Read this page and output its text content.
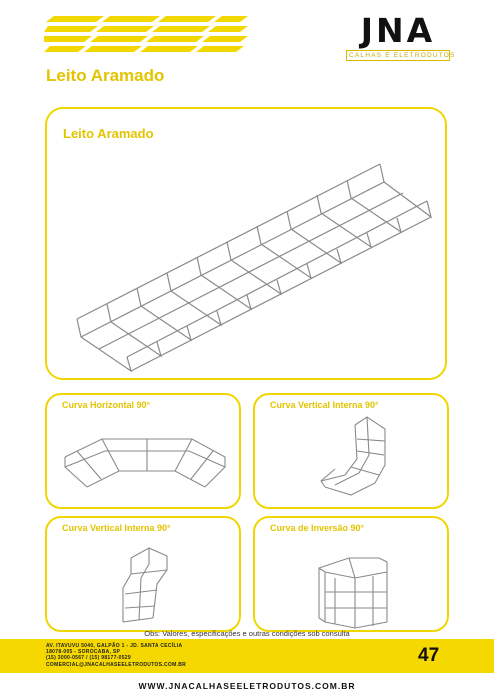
JNA
CALHAS E ELETRODUTOS
Leito Aramado
Leito Aramado
Curva Horizontal 90°	Curva Vertical Interna 90°
Curva Vertical Interna 90°	Curva de Inversão 90°
Obs: Valores, especificações e outras condições sob consulta
AV. ITAVUVU 5040, GALPÃO 1 - JD. SANTA CECÍLIA
18078-005 - SOROCABA, SP
(15) 3000-0567 / (15) 98177-0529
COMERCIAL@JNACALHASEELETRODUTOS.COM.BR	47
WWW.JNACALHASEELETRODUTOS.COM.BR
